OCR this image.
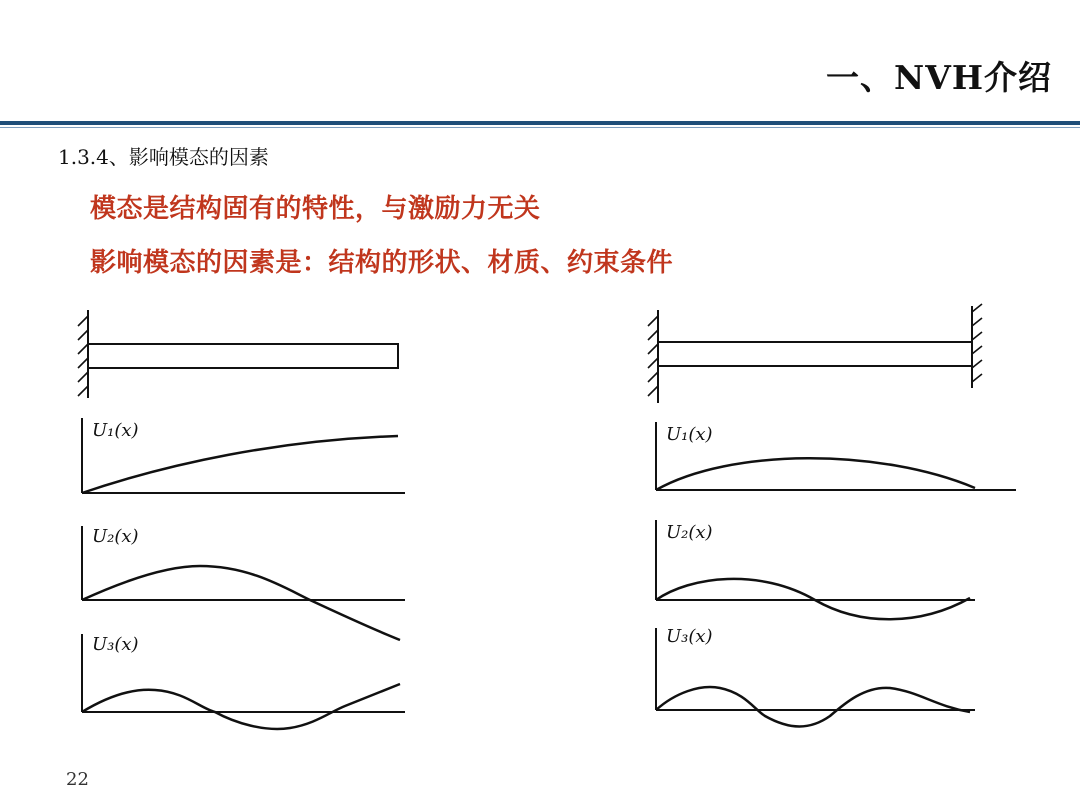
一、NVH介绍
1.3.4、影响模态的因素
模态是结构固有的特性，与激励力无关
影响模态的因素是：结构的形状、材质、约束条件
U₁(x)
U₂(x)
U₃(x)
U₁(x)
U₂(x)
U₃(x)
22
